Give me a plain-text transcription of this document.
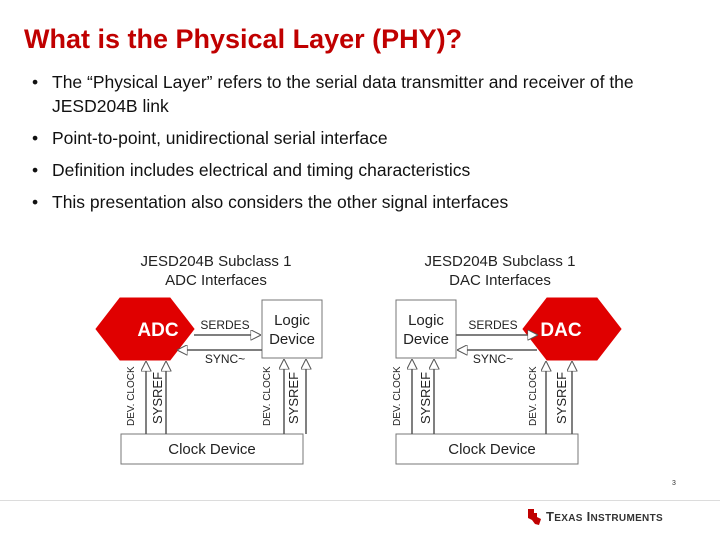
What is the Physical Layer (PHY)?
• The “Physical Layer” refers to the serial data transmitter and receiver of the JESD204B link
• Point-to-point, unidirectional serial interface
• Definition includes electrical and timing characteristics
• This presentation also considers the other signal interfaces
JESD204B Subclass 1
ADC Interfaces
ADC	Logic
Device
SERDES
SYNC~
Clock Device
DEV. CLOCK SYSREF	DEV. CLOCK SYSREF
JESD204B Subclass 1
DAC Interfaces
Logic
Device	DAC
SERDES
SYNC~
Clock Device
DEV. CLOCK SYSREF	DEV. CLOCK SYSREF
3
TEXAS INSTRUMENTS
